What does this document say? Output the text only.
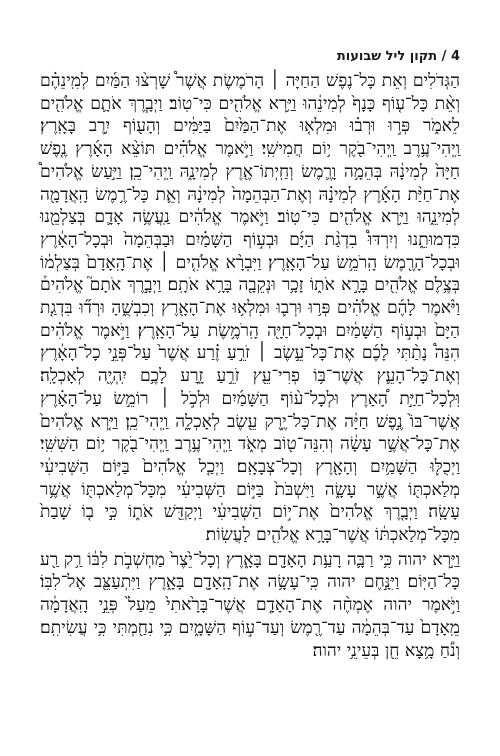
4 / תקון ליל שבועות

הַגְּדֹלִים וְאֵת כָּל־נֶפֶשׁ הַחַיָּה ׀ הָרֹמֶשֶׂת אֲשֶׁר֩ שָׁרְצ֨וּ הַמַּ֜יִם לְמִֽינֵהֶ֗ם וְאֵ֨ת כָּל־ע֤וֹף כָּנָף֙ לְמִינֵ֔הוּ וַיַּ֥רְא אֱלֹהִ֖ים כִּי־טֽוֹב׃ וַיְבָ֧רֶךְ אֹתָ֛ם אֱלֹהִ֖ים לֵאמֹ֑ר פְּר֣וּ וּרְב֗וּ וּמִלְא֤וּ אֶת־הַמַּ֙יִם֙ בַּיַּמִּ֔ים וְהָע֖וֹף יִ֥רֶב בָּאָֽרֶץ׃ וַֽיְהִי־עֶ֥רֶב וַֽיְהִי־בֹ֖קֶר י֥וֹם חֲמִישִֽׁי׃ וַיֹּ֣אמֶר אֱלֹהִ֗ים תּוֹצֵ֨א הָאָ֜רֶץ נֶ֤פֶשׁ חַיָּה֙ לְמִינָ֔הּ בְּהֵמָ֥ה וָרֶ֛מֶשׂ וְחַֽיְתוֹ־אֶ֖רֶץ לְמִינָ֑הּ וַֽיְהִי־כֵֽן׃ וַיַּ֣עַשׂ אֱלֹהִים֩ אֶת־חַיַּ֨ת הָאָ֜רֶץ לְמִינָ֗הּ וְאֶת־הַבְּהֵמָה֙ לְמִינָ֔הּ וְאֵ֛ת כָּל־רֶ֥מֶשׂ הָֽאֲדָמָ֖ה לְמִינֵ֑הוּ וַיַּ֥רְא אֱלֹהִ֖ים כִּי־טֽוֹב׃ וַיֹּ֣אמֶר אֱלֹהִ֔ים נַֽעֲשֶׂ֥ה אָדָ֛ם בְּצַלְמֵ֖נוּ כִּדְמוּתֵ֑נוּ וְיִרְדּוּ֩ בִדְגַ֨ת הַיָּ֜ם וּבְע֣וֹף הַשָּׁמַ֗יִם וּבַבְּהֵמָה֙ וּבְכָל־הָאָ֔רֶץ וּבְכָל־הָרֶ֖מֶשׂ הָֽרֹמֵ֥שׂ עַל־הָאָֽרֶץ׃ וַיִּבְרָ֨א אֱלֹהִ֤ים ׀ אֶת־הָֽאָדָם֙ בְּצַלְמ֔וֹ בְּצֶ֥לֶם אֱלֹהִ֖ים בָּרָ֣א אֹת֑וֹ זָכָ֥ר וּנְקֵבָ֖ה בָּרָ֥א אֹתָֽם׃ וַיְבָ֣רֶךְ אֹתָם֮ אֱלֹהִים֒ וַיֹּ֨אמֶר לָהֶ֜ם אֱלֹהִ֗ים פְּר֥וּ וּרְב֛וּ וּמִלְא֥וּ אֶת־הָאָ֖רֶץ וְכִבְשֻׁ֑הָ וּרְד֞וּ בִּדְגַ֤ת הַיָּם֙ וּבְע֣וֹף הַשָּׁמַ֔יִם וּבְכָל־חַיָּ֖ה הָֽרֹמֶ֥שֶׂת עַל־הָאָֽרֶץ׃ וַיֹּ֣אמֶר אֱלֹהִ֗ים הִנֵּה֩ נָתַ֨תִּי לָכֶ֜ם אֶת־כָּל־עֵ֣שֶׂב ׀ זֹרֵ֣עַ זֶ֗רַע אֲשֶׁר֙ עַל־פְּנֵ֣י כָל־הָאָ֔רֶץ וְאֶת־כָּל־הָעֵ֛ץ אֲשֶׁר־בּ֥וֹ פְרִי־עֵ֖ץ זֹרֵ֣עַ זָ֑רַע לָכֶ֥ם יִֽהְיֶ֖ה לְאָכְלָֽה׃ וּֽלְכָל־חַיַּ֣ת הָ֠אָרֶץ וּלְכָל־ע֨וֹף הַשָּׁמַ֜יִם וּלְכֹ֣ל ׀ רוֹמֵ֣שׂ עַל־הָאָ֗רֶץ אֲשֶׁר־בּוֹ֙ נֶ֣פֶשׁ חַיָּ֔ה אֶת־כָּל־יֶ֥רֶק עֵ֖שֶׂב לְאָכְלָ֑ה וַֽיְהִי־כֵֽן׃ וַיַּ֤רְא אֱלֹהִים֙ אֶת־כָּל־אֲשֶׁ֣ר עָשָׂ֔ה וְהִנֵּה־ט֖וֹב מְאֹ֑ד וַֽיְהִי־עֶ֥רֶב וַֽיְהִי־בֹ֖קֶר י֥וֹם הַשִּׁשִּֽׁי׃ וַיְכֻלּ֛וּ הַשָּׁמַ֥יִם וְהָאָ֖רֶץ וְכָל־צְבָאָֽם׃ וַיְכַ֤ל אֱלֹהִים֙ בַּיּ֣וֹם הַשְּׁבִיעִ֔י מְלַאכְתּ֖וֹ אֲשֶׁ֣ר עָשָׂ֑ה וַיִּשְׁבֹּת֙ בַּיּ֣וֹם הַשְּׁבִיעִ֔י מִכָּל־מְלַאכְתּ֖וֹ אֲשֶׁ֥ר עָשָֽׂה׃ וַיְבָ֤רֶךְ אֱלֹהִים֙ אֶת־י֣וֹם הַשְּׁבִיעִ֔י וַיְקַדֵּ֖שׁ אֹת֑וֹ כִּ֣י ב֤וֹ שָׁבַת֙ מִכָּל־מְלַאכְתּ֔וֹ אֲשֶׁר־בָּרָ֥א אֱלֹהִ֖ים לַעֲשֽׂוֹת׃

וַיַּ֣רְא יהוה כִּ֥י רַבָּ֛ה רָעַ֥ת הָאָדָ֖ם בָּאָ֑רֶץ וְכָל־יֵ֙צֶר֙ מַחְשְׁבֹ֣ת לִבּ֔וֹ רַ֥ק רַ֖ע כָּל־הַיּֽוֹם׃ וַיִּנָּ֣חֶם יהוה כִּֽי־עָשָׂ֥ה אֶת־הָֽאָדָ֖ם בָּאָ֑רֶץ וַיִּתְעַצֵּ֖ב אֶל־לִבּֽוֹ׃ וַיֹּ֣אמֶר יהוה אֶמְחֶ֨ה אֶת־הָאָדָ֤ם אֲשֶׁר־בָּרָ֙אתִי֙ מֵעַל֙ פְּנֵ֣י הָֽאֲדָמָ֔ה מֵֽאָדָם֙ עַד־בְּהֵמָ֔ה עַד־רֶ֖מֶשׂ וְעַד־ע֣וֹף הַשָּׁמָ֑יִם כִּ֥י נִחַ֖מְתִּי כִּ֥י עֲשִׂיתִֽם׃ וְנֹ֕חַ מָ֥צָא חֵ֖ן בְּעֵינֵ֥י יהוה׃
